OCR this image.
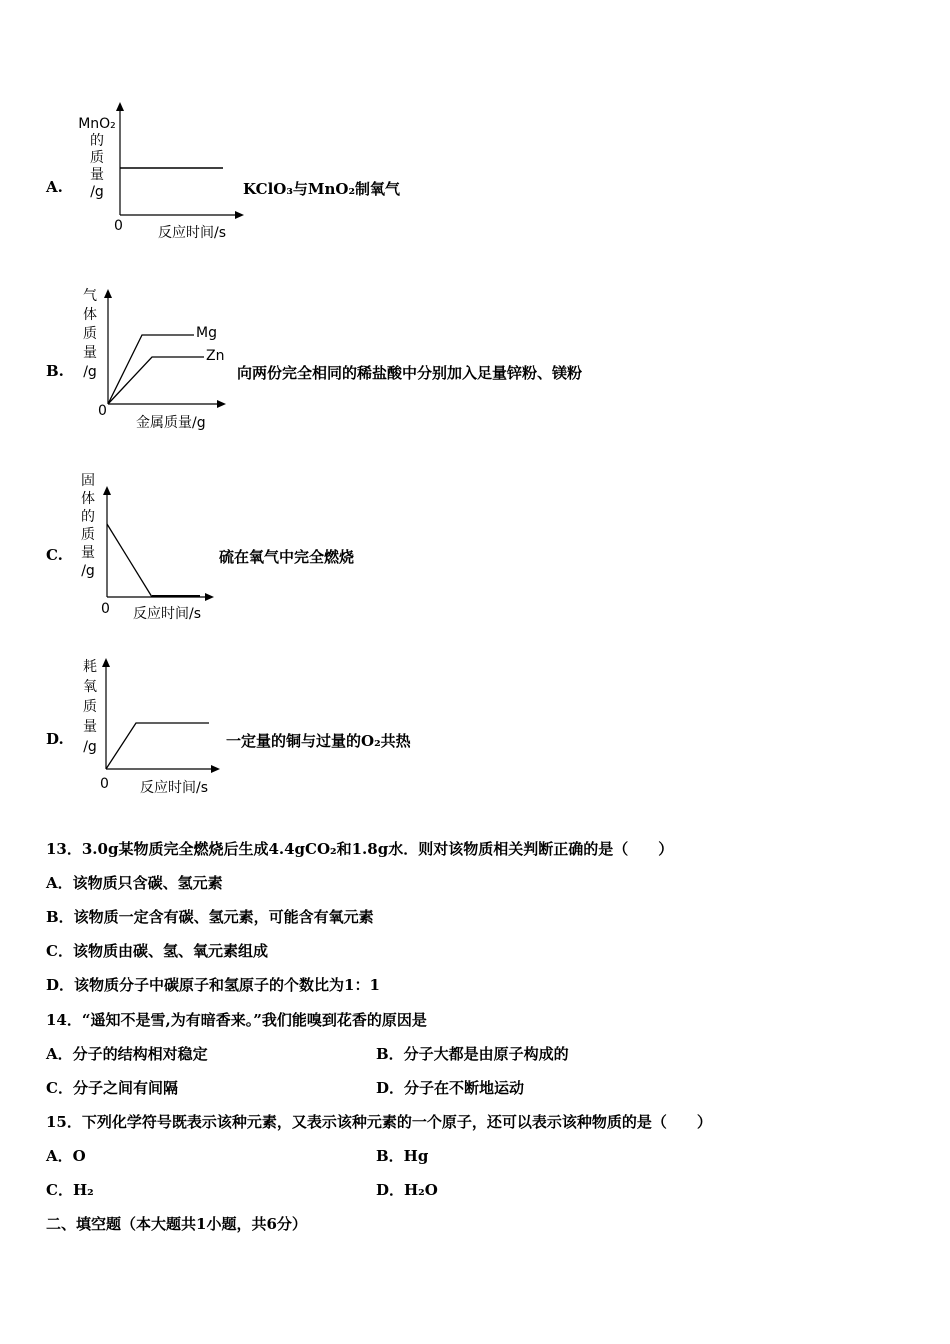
A.
MnO₂
的
质
量
/g
0	反应时间/s
KClO₃与MnO₂制氧气
B.
气
体
质
量
/g
Mg
Zn
0
金属质量/g
向两份完全相同的稀盐酸中分别加入足量锌粉、镁粉
C.
固
体
的
质
量
/g
0 反应时间/s
硫在氧气中完全燃烧
D.
耗
氧
质
量
/g
0 反应时间/s
一定量的铜与过量的O₂共热
13．3.0g某物质完全燃烧后生成4.4gCO₂和1.8g水．则对该物质相关判断正确的是（　　）
A．该物质只含碳、氢元素
B．该物质一定含有碳、氢元素，可能含有氧元素
C．该物质由碳、氢、氧元素组成
D．该物质分子中碳原子和氢原子的个数比为1：1
14．“遥知不是雪,为有暗香来。”我们能嗅到花香的原因是
A．分子的结构相对稳定	B．分子大都是由原子构成的
C．分子之间有间隔	D．分子在不断地运动
15．下列化学符号既表示该种元素，又表示该种元素的一个原子，还可以表示该种物质的是（　　）
A．O	B．Hg
C．H₂	D．H₂O
二、填空题（本大题共1小题，共6分）
